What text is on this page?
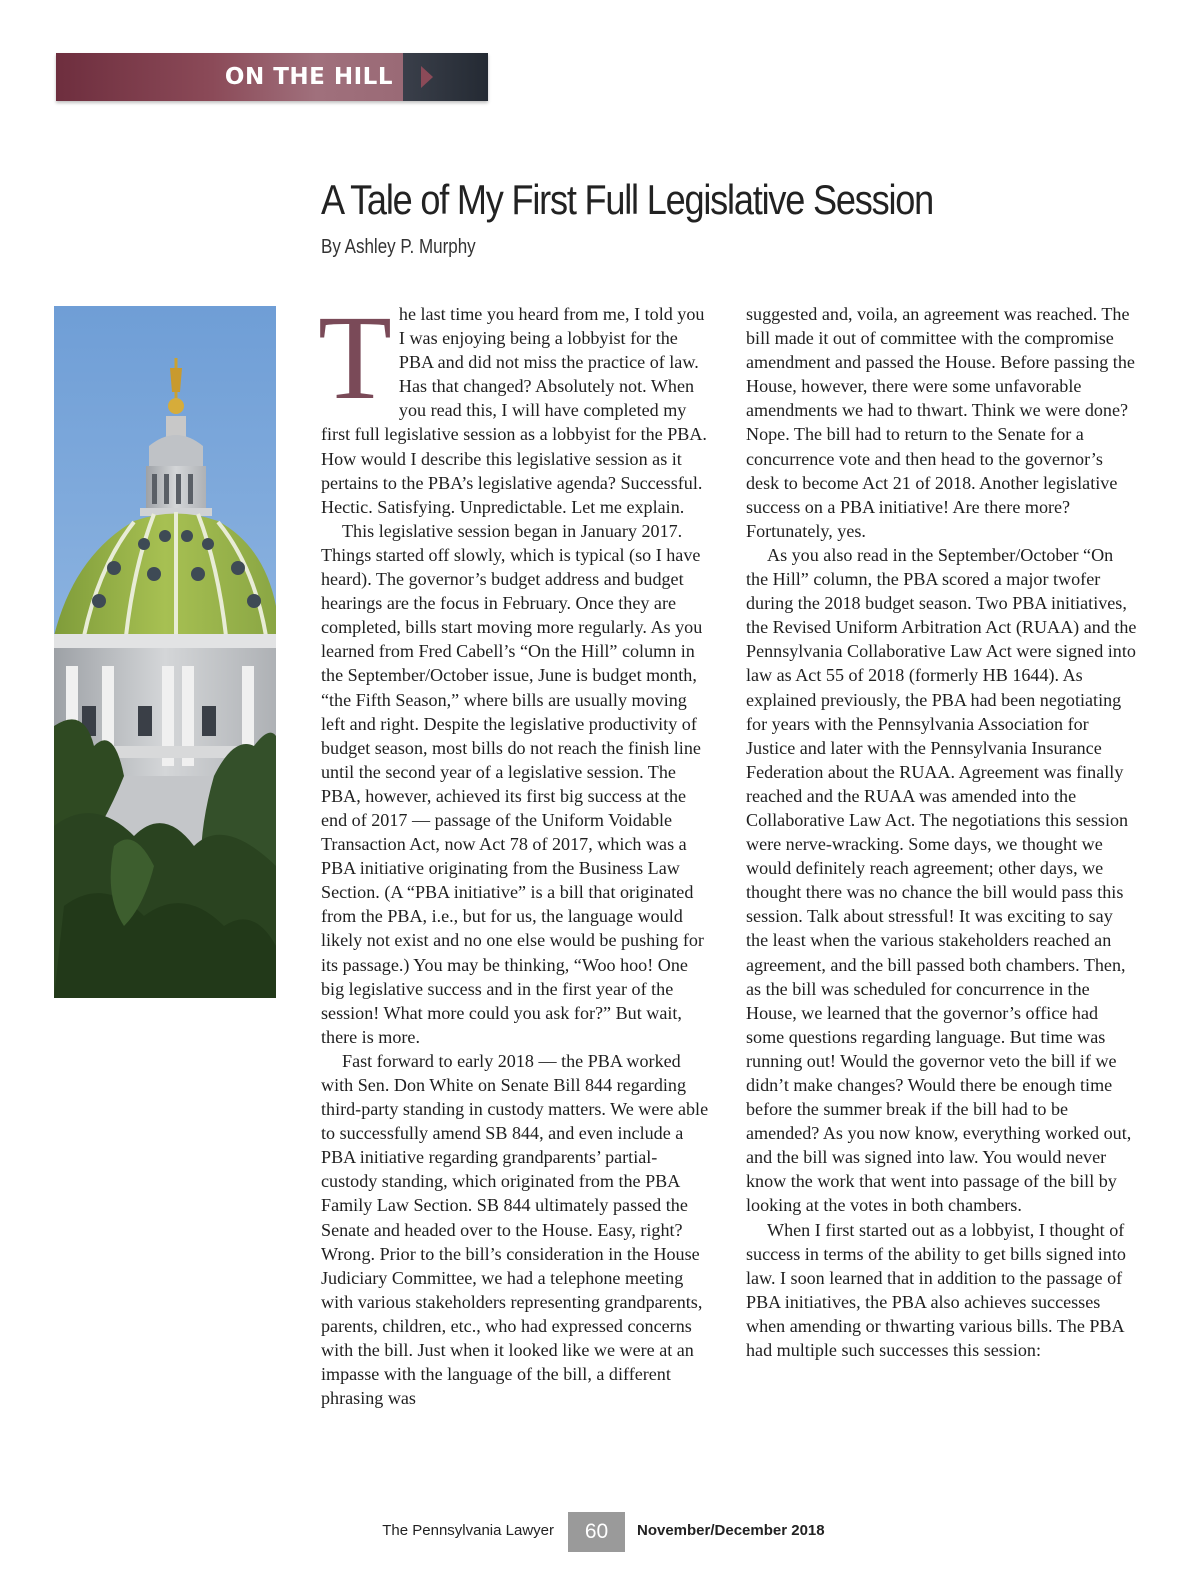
ON THE HILL
A Tale of My First Full Legislative Session
By Ashley P. Murphy

The last time you heard from me, I told you I was enjoying being a lobbyist for the PBA and did not miss the practice of law. Has that changed? Absolutely not. When you read this, I will have completed my first full legislative session as a lobbyist for the PBA. How would I describe this legislative session as it pertains to the PBA’s legislative agenda? Successful. Hectic. Satisfying. Unpredictable. Let me explain.

This legislative session began in January 2017. Things started off slowly, which is typical (so I have heard). The governor’s budget address and budget hearings are the focus in February. Once they are completed, bills start moving more regularly. As you learned from Fred Cabell’s “On the Hill” column in the September/October issue, June is budget month, “the Fifth Season,” where bills are usually moving left and right. Despite the legislative productivity of budget season, most bills do not reach the finish line until the second year of a legislative session. The PBA, however, achieved its first big success at the end of 2017 — passage of the Uniform Voidable Transaction Act, now Act 78 of 2017, which was a PBA initiative originating from the Business Law Section. (A “PBA initiative” is a bill that originated from the PBA, i.e., but for us, the language would likely not exist and no one else would be pushing for its passage.) You may be thinking, “Woo hoo! One big legislative success and in the first year of the session! What more could you ask for?” But wait, there is more.

Fast forward to early 2018 — the PBA worked with Sen. Don White on Senate Bill 844 regarding third-party standing in custody matters. We were able to successfully amend SB 844, and even include a PBA initiative regarding grandparents’ partial-custody standing, which originated from the PBA Family Law Section. SB 844 ultimately passed the Senate and headed over to the House. Easy, right? Wrong. Prior to the bill’s consideration in the House Judiciary Committee, we had a telephone meeting with various stakeholders representing grandparents, parents, children, etc., who had expressed concerns with the bill. Just when it looked like we were at an impasse with the language of the bill, a different phrasing was

suggested and, voila, an agreement was reached. The bill made it out of committee with the compromise amendment and passed the House. Before passing the House, however, there were some unfavorable amendments we had to thwart. Think we were done? Nope. The bill had to return to the Senate for a concurrence vote and then head to the governor’s desk to become Act 21 of 2018. Another legislative success on a PBA initiative! Are there more? Fortunately, yes.

As you also read in the September/October “On the Hill” column, the PBA scored a major twofer during the 2018 budget season. Two PBA initiatives, the Revised Uniform Arbitration Act (RUAA) and the Pennsylvania Collaborative Law Act were signed into law as Act 55 of 2018 (formerly HB 1644). As explained previously, the PBA had been negotiating for years with the Pennsylvania Association for Justice and later with the Pennsylvania Insurance Federation about the RUAA. Agreement was finally reached and the RUAA was amended into the Collaborative Law Act. The negotiations this session were nerve-wracking. Some days, we thought we would definitely reach agreement; other days, we thought there was no chance the bill would pass this session. Talk about stressful! It was exciting to say the least when the various stakeholders reached an agreement, and the bill passed both chambers. Then, as the bill was scheduled for concurrence in the House, we learned that the governor’s office had some questions regarding language. But time was running out! Would the governor veto the bill if we didn’t make changes? Would there be enough time before the summer break if the bill had to be amended? As you now know, everything worked out, and the bill was signed into law. You would never know the work that went into passage of the bill by looking at the votes in both chambers.

When I first started out as a lobbyist, I thought of success in terms of the ability to get bills signed into law. I soon learned that in addition to the passage of PBA initiatives, the PBA also achieves successes when amending or thwarting various bills. The PBA had multiple such successes this session:

The Pennsylvania Lawyer	60	November/December 2018
